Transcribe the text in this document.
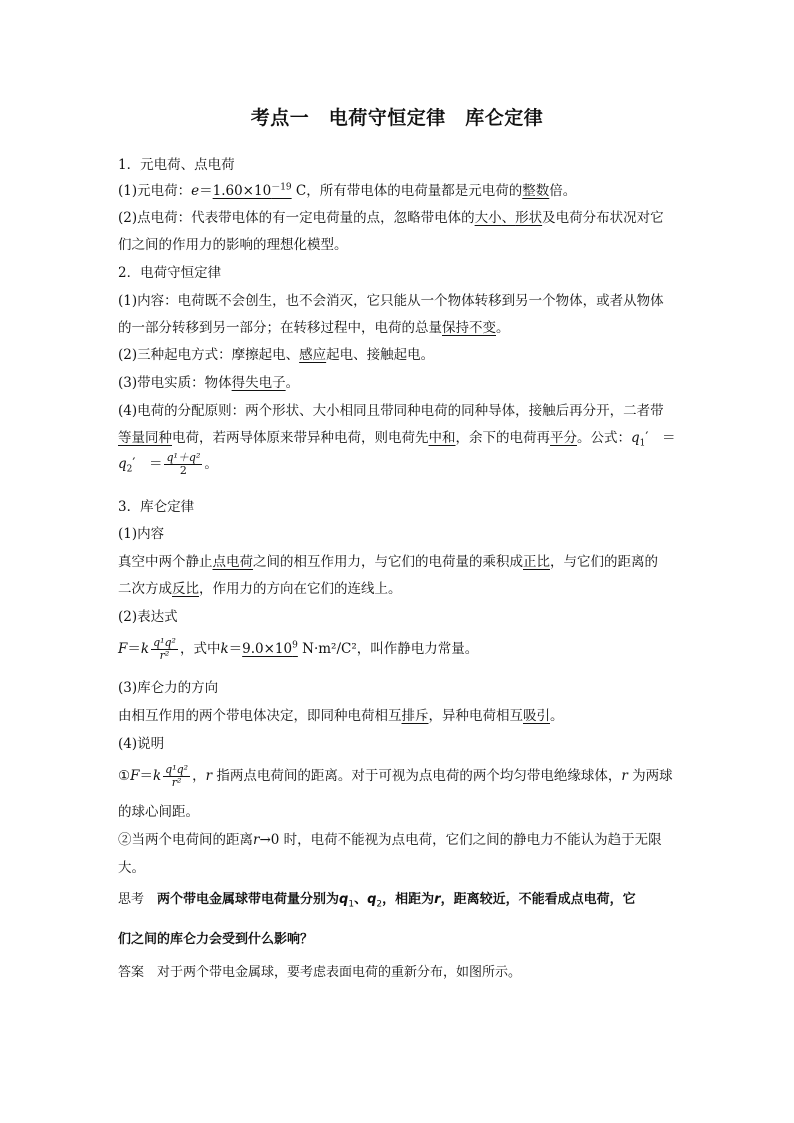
考点一　电荷守恒定律　库仑定律
1．元电荷、点电荷
(1)元电荷：$e=1.60\times 10^{-19}$ C，所有带电体的电荷量都是元电荷的整数倍。
(2)点电荷：代表带电体的有一定电荷量的点，忽略带电体的大小、形状及电荷分布状况对它
们之间的作用力的影响的理想化模型。
2．电荷守恒定律
(1)内容：电荷既不会创生，也不会消灭，它只能从一个物体转移到另一个物体，或者从物体
的一部分转移到另一部分；在转移过程中，电荷的总量保持不变。
(2)三种起电方式：摩擦起电、感应起电、接触起电。
(3)带电实质：物体得失电子。
(4)电荷的分配原则：两个形状、大小相同且带同种电荷的同种导体，接触后再分开，二者带
等量同种电荷，若两导体原来带异种电荷，则电荷先中和，余下的电荷再平分。公式：$q_1'$　＝
$q_2'$　＝ $\frac{\text{q¹＋q²}}{2}$ 。
3．库仑定律
(1)内容
真空中两个静止点电荷之间的相互作用力，与它们的电荷量的乘积成正比，与它们的距离的
二次方成反比，作用力的方向在它们的连线上。
(2)表达式
$F=k \frac{\text{q¹q²}}{\text{r²}}$ ，式中$k=9.0\times 10^9$ N·m²/C²，叫作静电力常量。
(3)库仑力的方向
由相互作用的两个带电体决定，即同种电荷相互排斥，异种电荷相互吸引。
(4)说明
①F＝k $\frac{\text{q¹q²}}{\text{r²}}$ ，r 指两点电荷间的距离。对于可视为点电荷的两个均匀带电绝缘球体，r 为两球
的球心间距。
②当两个电荷间的距离r→0 时，电荷不能视为点电荷，它们之间的静电力不能认为趋于无限
大。
思考　 两个带电金属球带电荷量分别为$q_1$、$q_2$，相距为r，距离较近，不能看成点电荷，它
们之间的库仑力会受到什么影响？
答案　 对于两个带电金属球，要考虑表面电荷的重新分布，如图所示。
